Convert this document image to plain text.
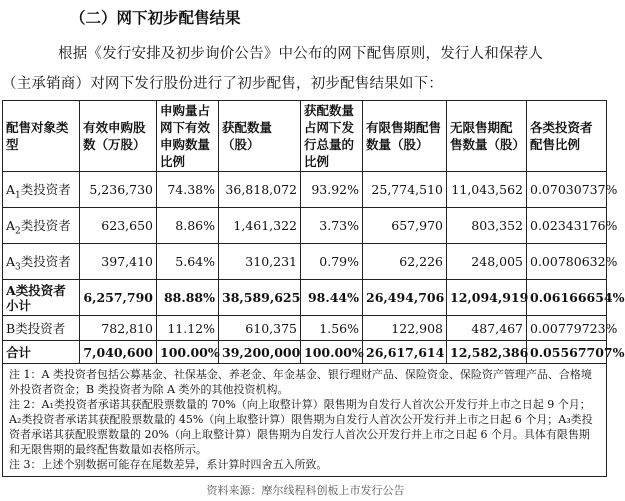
（二）网下初步配售结果
根据《发行安排及初步询价公告》中公布的网下配售原则，发行人和保荐人
（主承销商）对网下发行股份进行了初步配售，初步配售结果如下：
配售对象类型	有效申购股数（万股）	申购量占网下有效申购数量比例	获配数量（股）	获配数量占网下发行总量的比例	有限售期配售数量（股）	无限售期配售数量（股）	各类投资者配售比例
$A_1$类投资者	5,236,730	74.38%	36,818,072	93.92%	25,774,510	11,043,562	0.07030737%
$A_2$类投资者	623,650	8.86%	1,461,322	3.73%	657,970	803,352	0.02343176%
$A_3$类投资者	397,410	5.64%	310,231	0.79%	62,226	248,005	0.00780632%
A类投资者小计	6,257,790	88.88%	38,589,625	98.44%	26,494,706	12,094,919	0.06166654%
B类投资者	782,810	11.12%	610,375	1.56%	122,908	487,467	0.00779723%
合计	7,040,600	100.00%	39,200,000	100.00%	26,617,614	12,582,386	0.05567707%

注 1：A 类投资者包括公募基金、社保基金、养老金、年金基金、银行理财产品、保险资金、保险资产管理产品、合格境外投资者资金；B 类投资者为除 A 类外的其他投资机构。
注 2：A₁类投资者承诺其获配股票数量的 70%（向上取整计算）限售期为自发行人首次公开发行并上市之日起 9 个月；A₂类投资者承诺其获配股票数量的 45%（向上取整计算）限售期为自发行人首次公开发行并上市之日起 6 个月；A₃类投资者承诺其获配股票数量的 20%（向上取整计算）限售期为自发行人首次公开发行并上市之日起 6 个月。具体有限售期和无限售期的最终配售数量如表格所示。
注 3：上述个别数据可能存在尾数差异，系计算时四舍五入所致。							
资料来源：摩尔线程科创板上市发行公告
